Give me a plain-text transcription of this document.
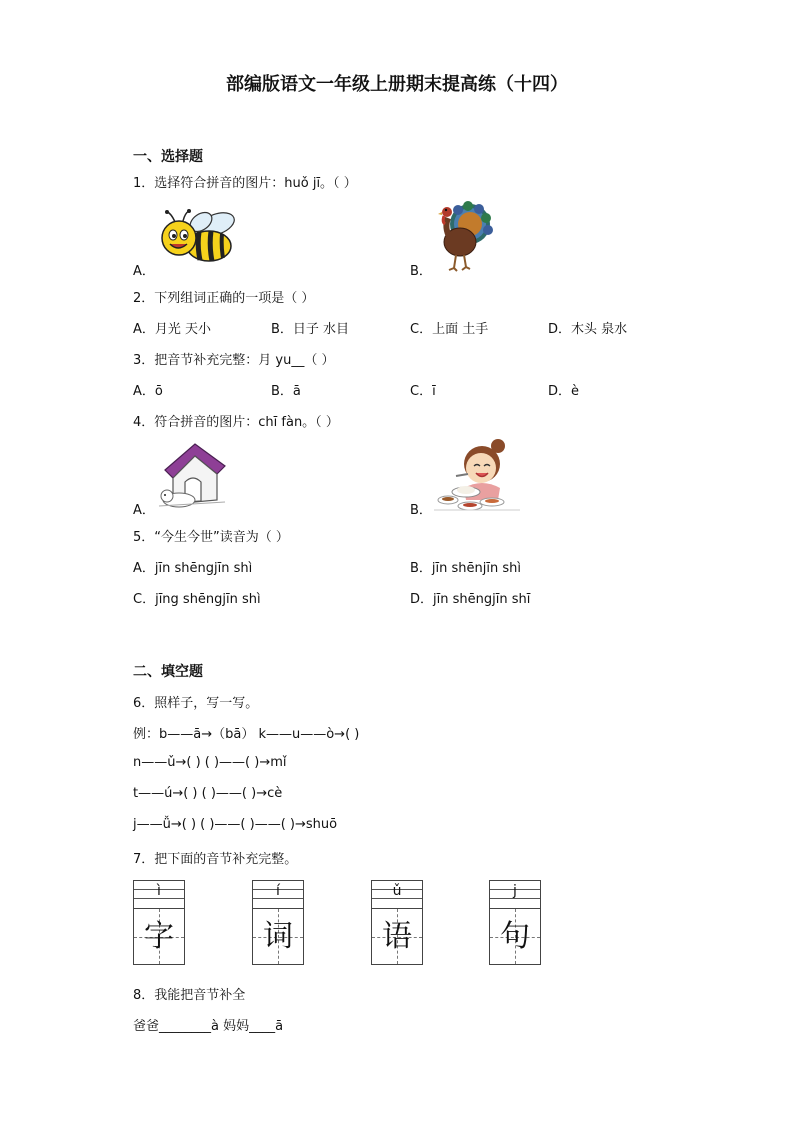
部编版语文一年级上册期末提高练（十四）
一、选择题
1．选择符合拼音的图片：huǒ jī。（ ）
A．	B．
2．下列组词正确的一项是（ ）
A．月光 天小	B．日子 水目	C．上面 土手	D．木头 泉水
3．把音节补充完整：月 yu__（ ）
A．ō	B．ā	C．ī	D．è
4．符合拼音的图片：chī fàn。（ ）
A．	B．
5．“今生今世”读音为（ ）
A．jīn shēngjīn shì	B．jīn shēnjīn shì
C．jīng shēngjīn shì	D．jīn shēngjīn shī
二、填空题
6．照样子，写一写。
例：b——ā→（bā） k——u——ò→( )
n——ǔ→( ) ( )——( )→mǐ
t——ú→( ) ( )——( )→cè
j——ǚ→( ) ( )——( )——( )→shuō
7．把下面的音节补充完整。
ì
字
í
词
ǔ
语
j
句
8．我能把音节补全
爸爸________à 妈妈____ā
